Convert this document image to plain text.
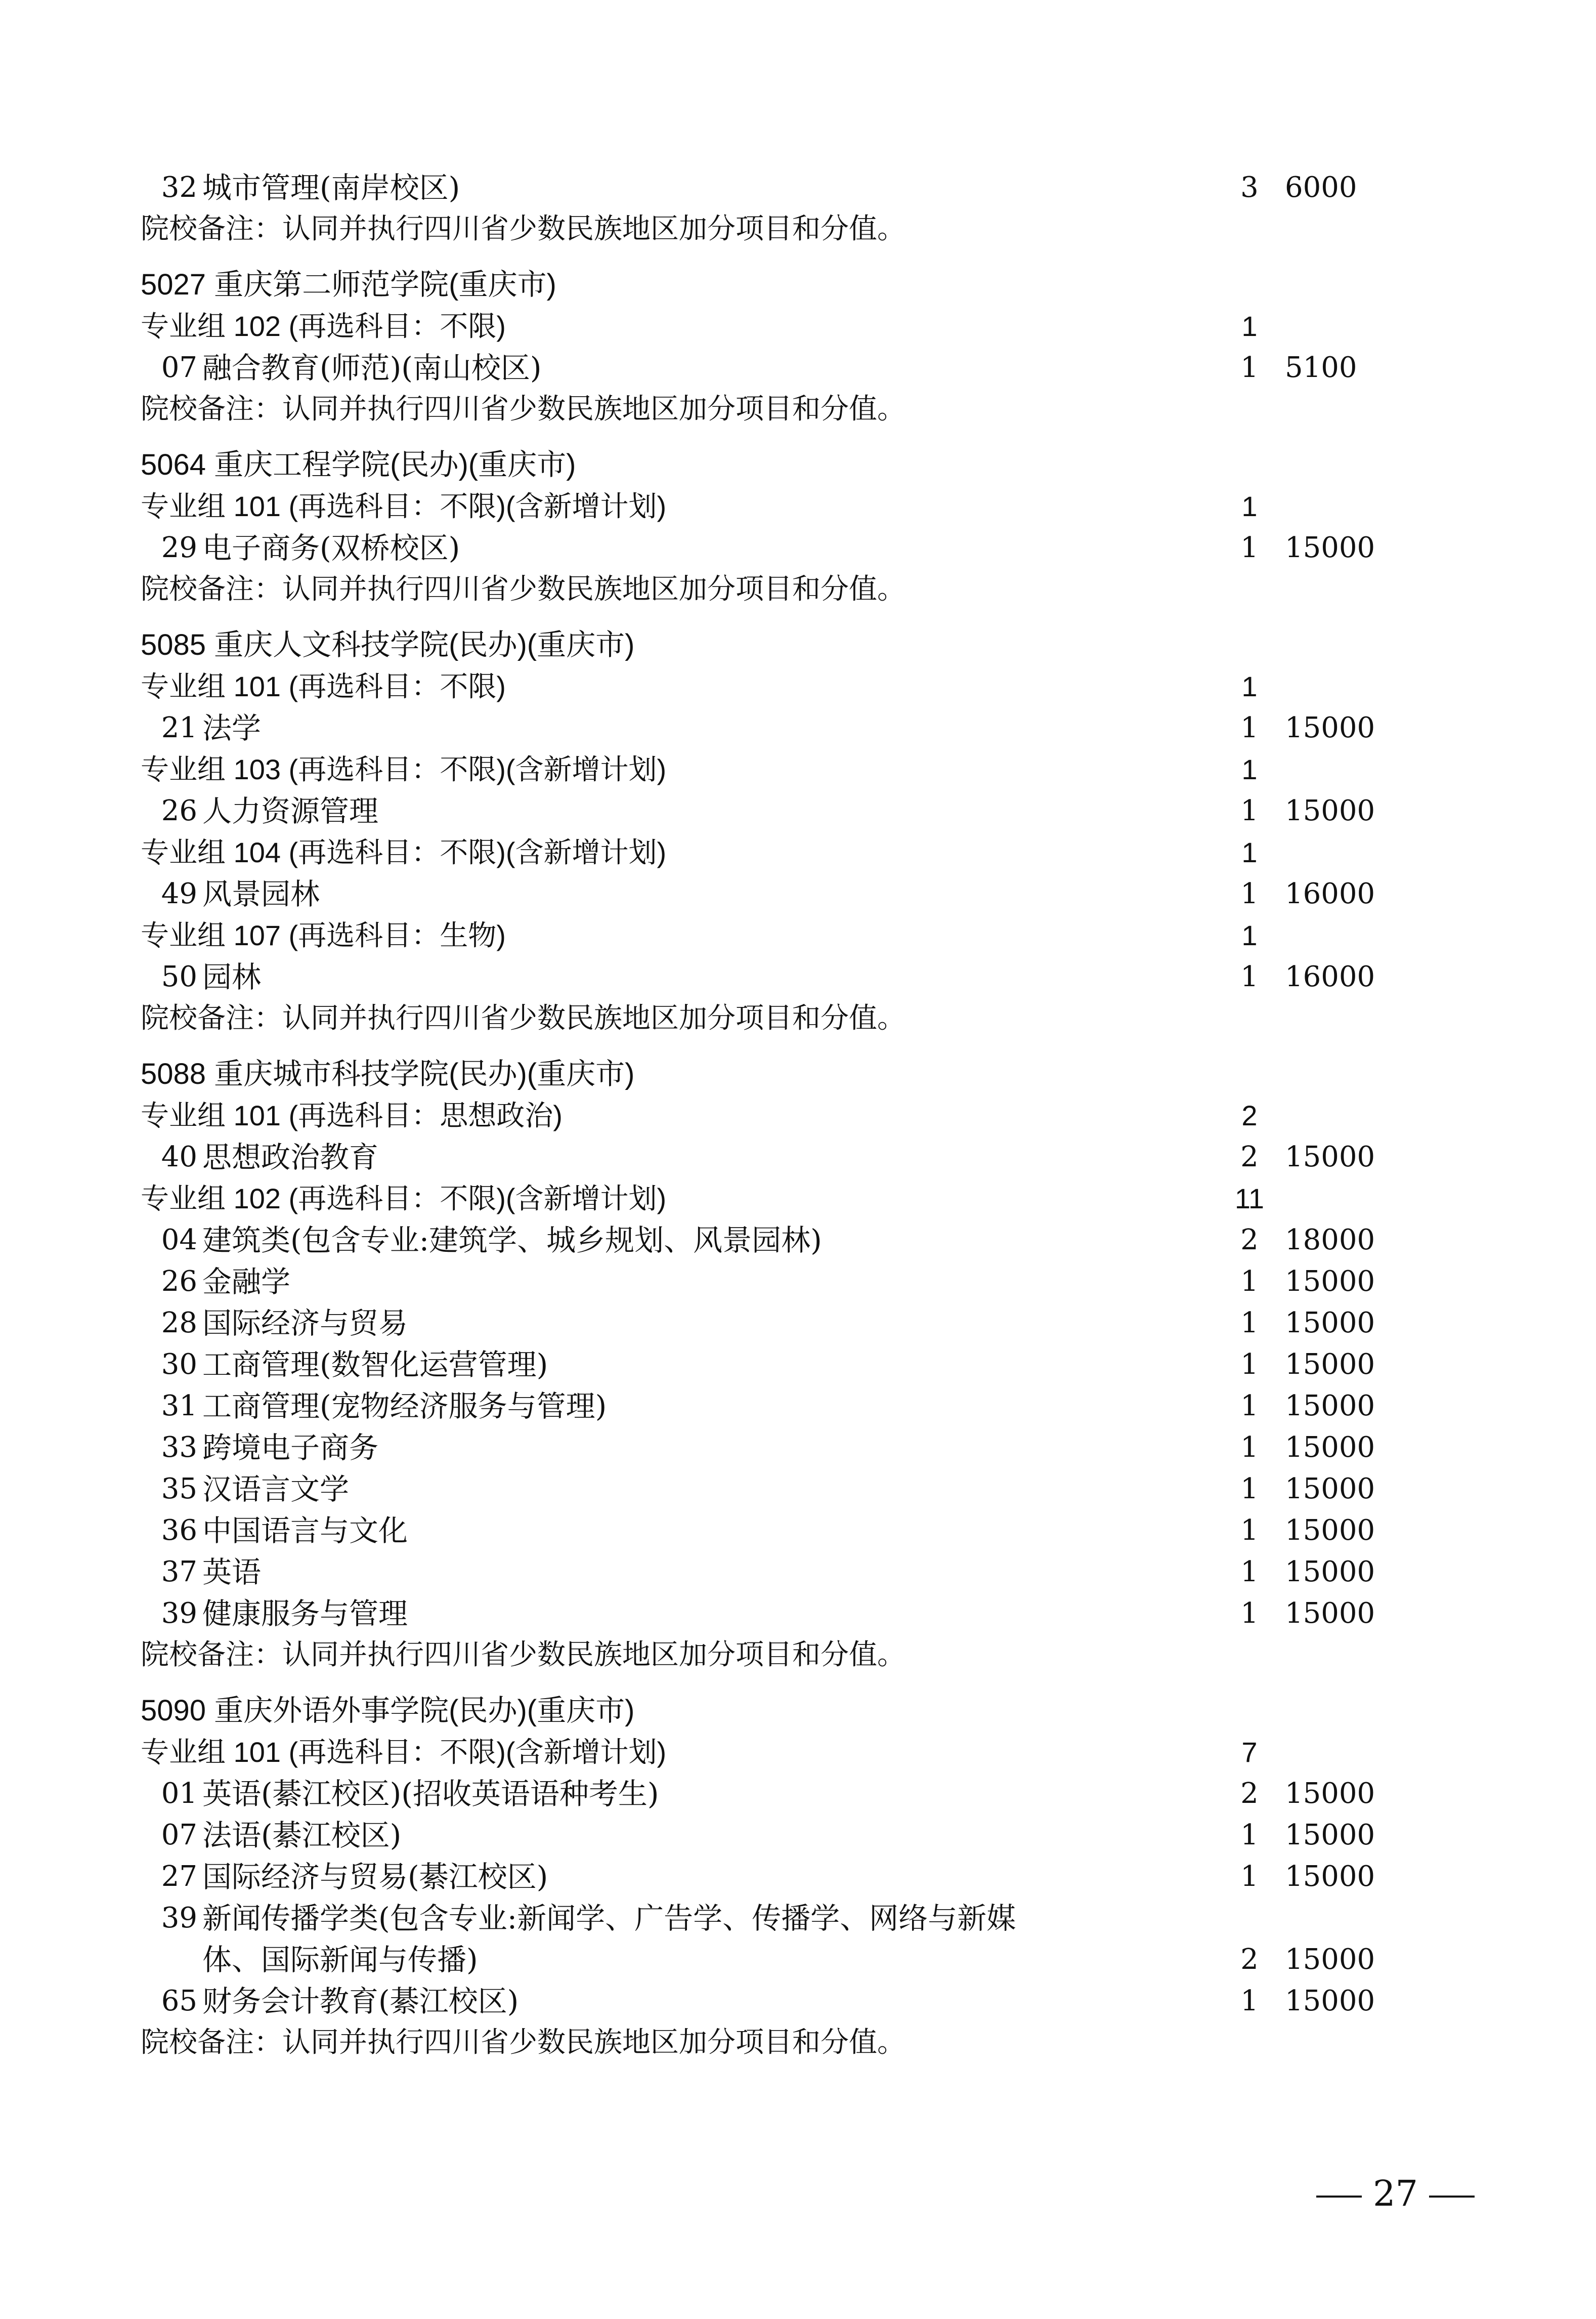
32 城市管理(南岸校区)	3 6000
院校备注：认同并执行四川省少数民族地区加分项目和分值。
5027 重庆第二师范学院(重庆市)
专业组 102 (再选科目：不限)	1
07 融合教育(师范)(南山校区)	1 5100
院校备注：认同并执行四川省少数民族地区加分项目和分值。
5064 重庆工程学院(民办)(重庆市)
专业组 101 (再选科目：不限)(含新增计划)	1
29 电子商务(双桥校区)	1 15000
院校备注：认同并执行四川省少数民族地区加分项目和分值。
5085 重庆人文科技学院(民办)(重庆市)
专业组 101 (再选科目：不限)	1
21 法学	1 15000
专业组 103 (再选科目：不限)(含新增计划)	1
26 人力资源管理	1 15000
专业组 104 (再选科目：不限)(含新增计划)	1
49 风景园林	1 16000
专业组 107 (再选科目：生物)	1
50 园林	1 16000
院校备注：认同并执行四川省少数民族地区加分项目和分值。
5088 重庆城市科技学院(民办)(重庆市)
专业组 101 (再选科目：思想政治)	2
40 思想政治教育	2 15000
专业组 102 (再选科目：不限)(含新增计划)	11
04 建筑类(包含专业:建筑学、城乡规划、风景园林)	2 18000
26 金融学	1 15000
28 国际经济与贸易	1 15000
30 工商管理(数智化运营管理)	1 15000
31 工商管理(宠物经济服务与管理)	1 15000
33 跨境电子商务	1 15000
35 汉语言文学	1 15000
36 中国语言与文化	1 15000
37 英语	1 15000
39 健康服务与管理	1 15000
院校备注：认同并执行四川省少数民族地区加分项目和分值。
5090 重庆外语外事学院(民办)(重庆市)
专业组 101 (再选科目：不限)(含新增计划)	7
01 英语(綦江校区)(招收英语语种考生)	2 15000
07 法语(綦江校区)	1 15000
27 国际经济与贸易(綦江校区)	1 15000
39 新闻传播学类(包含专业:新闻学、广告学、传播学、网络与新媒
体、国际新闻与传播)	2 15000
65 财务会计教育(綦江校区)	1 15000
院校备注：认同并执行四川省少数民族地区加分项目和分值。
27
